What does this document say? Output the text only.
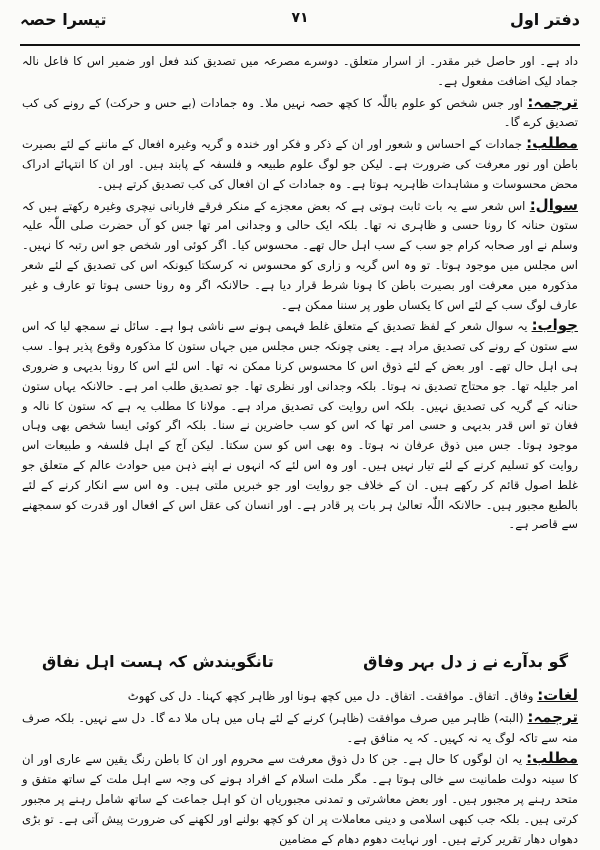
دفتر اول
۷۱
تیسرا حصہ

داد ہے۔ اور حاصل خبر مقدر۔ از اسرار متعلق۔ دوسرے مصرعہ میں تصدیق کند فعل اور ضمیر اس کا فاعل نالہ جماد لیک اضافت مفعول ہے۔

ترجمہ: اور جس شخص کو علوم باللّٰہ کا کچھ حصہ نہیں ملا۔ وہ جمادات (بے حس و حرکت) کے رونے کی کب تصدیق کرے گا۔

مطلب: جمادات کے احساس و شعور اور ان کے ذکر و فکر اور خندہ و گریہ وغیرہ افعال کے ماننے کے لئے بصیرت باطن اور نور معرفت کی ضرورت ہے۔ لیکن جو لوگ علوم طبیعہ و فلسفہ کے پابند ہیں۔ اور ان کا انتہائے ادراک محض محسوسات و مشاہدات ظاہریہ ہوتا ہے۔ وہ جمادات کے ان افعال کی کب تصدیق کرتے ہیں۔

سوال: اس شعر سے یہ بات ثابت ہوتی ہے کہ بعض معجزے کے منکر فرقے فاربانی نیچری وغیرہ رکھتے ہیں کہ ستون حنانہ کا رونا حسی و ظاہری نہ تھا۔ بلکہ ایک حالی و وجدانی امر تھا جس کو آں حضرت صلی اللّٰہ علیہ وسلم نے اور صحابہ کرام جو سب کے سب اہل حال تھے۔ محسوس کیا۔ اگر کوئی اور شخص جو اس رتبہ کا نہیں۔ اس مجلس میں موجود ہوتا۔ تو وہ اس گریہ و زاری کو محسوس نہ کرسکتا کیونکہ اس کی تصدیق کے لئے شعر مذکورہ میں معرفت اور بصیرت باطن کا ہونا شرط قرار دیا ہے۔ حالانکہ اگر وہ رونا حسی ہوتا تو عارف و غیر عارف لوگ سب کے لئے اس کا یکساں طور پر سننا ممکن ہے۔

جواب: یہ سوال شعر کے لفظ تصدیق کے متعلق غلط فہمی ہونے سے ناشی ہوا ہے۔ سائل نے سمجھ لیا کہ اس سے ستون کے رونے کی تصدیق مراد ہے۔ یعنی چونکہ جس مجلس میں جہاں ستون کا مذکورہ وقوع پذیر ہوا۔ سب ہی اہل حال تھے۔ اور بعض کے لئے ذوق اس کا محسوس کرنا ممکن نہ تھا۔ اس لئے اس کا رونا بدیہی و ضروری امر جلیلہ تھا۔ جو محتاج تصدیق نہ ہوتا۔ بلکہ وجدانی اور نظری تھا۔ جو تصدیق طلب امر ہے۔ حالانکہ یہاں ستون حنانہ کے گریہ کی تصدیق نہیں۔ بلکہ اس روایت کی تصدیق مراد ہے۔ مولانا کا مطلب یہ ہے کہ ستون کا نالہ و فغان تو اس قدر بدیہی و حسی امر تھا کہ اس کو سب حاضرین نے سنا۔ بلکہ اگر کوئی ایسا شخص بھی وہاں موجود ہوتا۔ جس میں ذوق عرفان نہ ہوتا۔ وہ بھی اس کو سن سکتا۔ لیکن آج کے اہل فلسفہ و طبیعات اس روایت کو تسلیم کرنے کے لئے تیار نہیں ہیں۔ اور وہ اس لئے کہ انہوں نے اپنے ذہن میں حوادث عالم کے متعلق جو غلط اصول قائم کر رکھے ہیں۔ ان کے خلاف جو روایت اور جو خبریں ملتی ہیں۔ وہ اس سے انکار کرنے کے لئے بالطبع مجبور ہیں۔ حالانکہ اللّٰہ تعالیٰ ہر بات پر قادر ہے۔ اور انسان کی عقل اس کے افعال اور قدرت کو سمجھنے سے قاصر ہے۔

گو بدآرے نے ز دل بہر وفاق
تانگویندش کہ ہست اہل نفاق

لغات: وفاق۔ اتفاق۔ موافقت۔ اتفاق۔ دل میں کچھ ہونا اور ظاہر کچھ کہنا۔ دل کی کھوٹ

ترجمہ: (البتہ) ظاہر میں صرف موافقت (ظاہر) کرنے کے لئے ہاں میں ہاں ملا دے گا۔ دل سے نہیں۔ بلکہ صرف منہ سے تاکہ لوگ یہ نہ کہیں۔ کہ یہ منافق ہے۔

مطلب: یہ ان لوگوں کا حال ہے۔ جن کا دل ذوق معرفت سے محروم اور ان کا باطن رنگ یقین سے عاری اور ان کا سینہ دولت طمانیت سے خالی ہوتا ہے۔ مگر ملت اسلام کے افراد ہونے کی وجہ سے اہل ملت کے ساتھ متفق و متحد رہنے پر مجبور ہیں۔ اور بعض معاشرتی و تمدنی مجبوریاں ان کو اہل جماعت کے ساتھ شامل رہنے پر مجبور کرتی ہیں۔ بلکہ جب کبھی اسلامی و دینی معاملات پر ان کو کچھ بولنے اور لکھنے کی ضرورت پیش آتی ہے۔ تو بڑی دھواں دھار تقریر کرتے ہیں۔ اور نہایت دھوم دھام کے مضامین
